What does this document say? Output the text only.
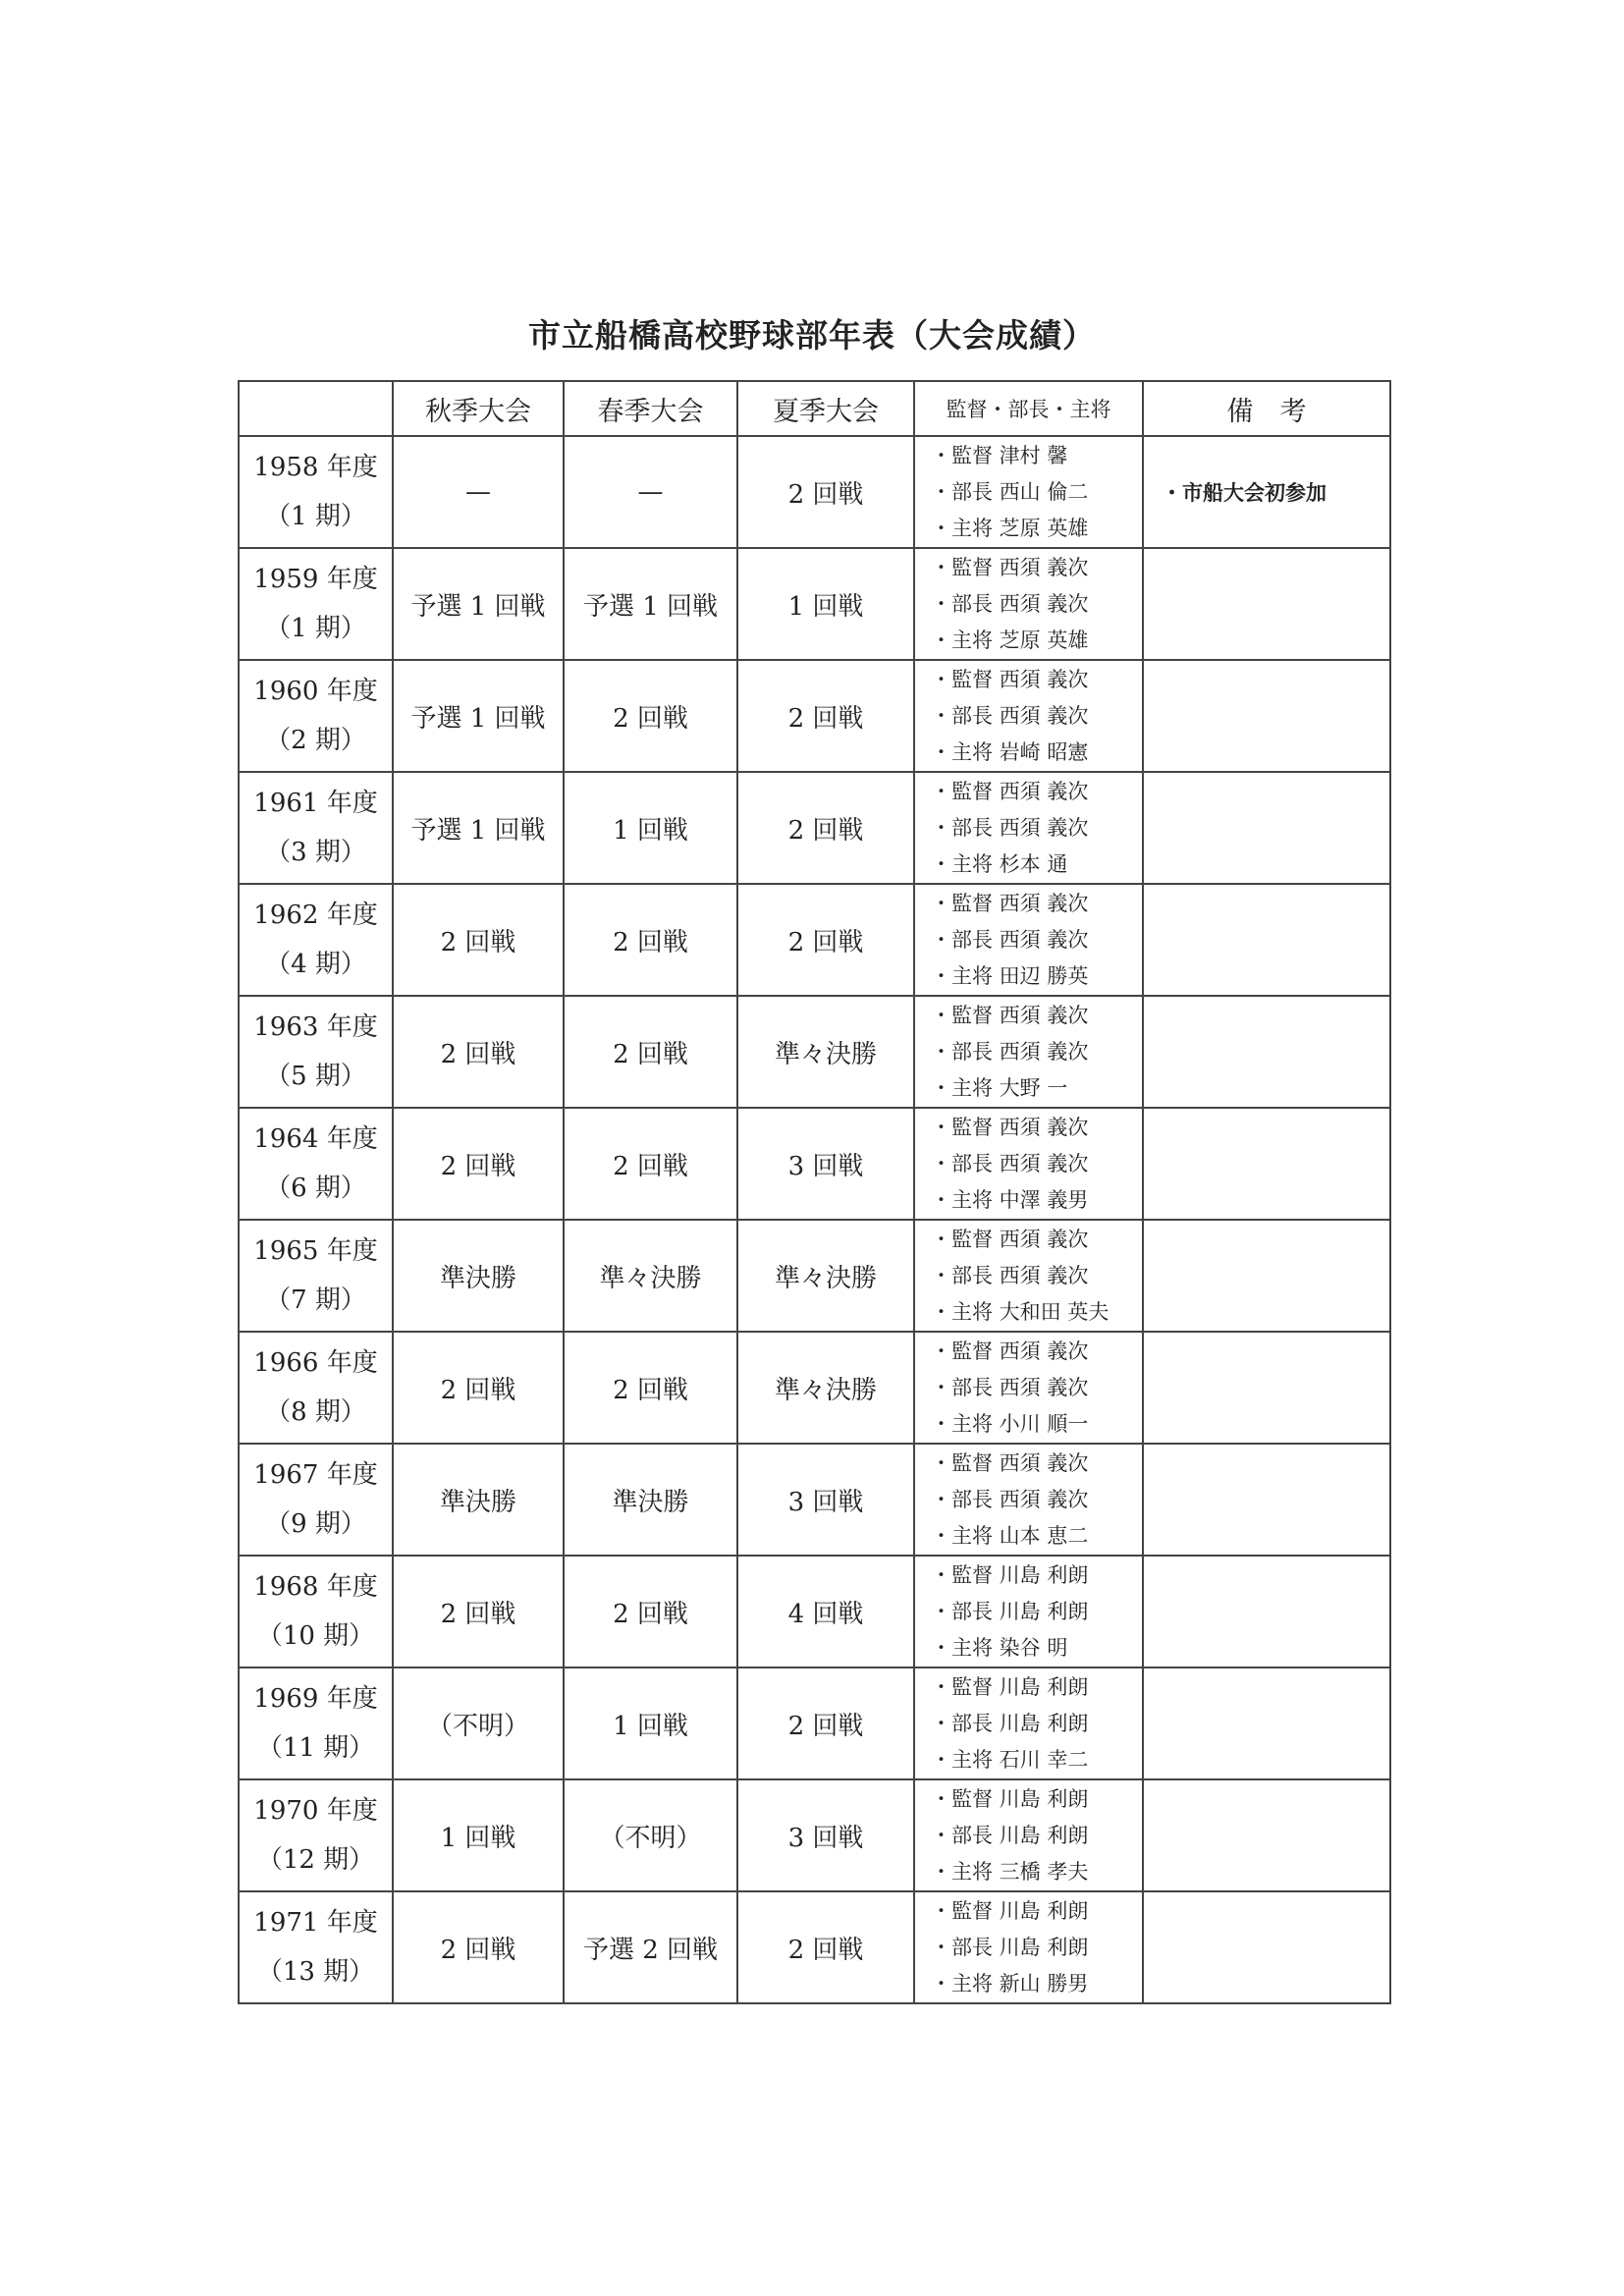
市立船橋高校野球部年表（大会成績）
	秋季大会	春季大会	夏季大会	監督・部長・主将	備　考
1958 年度
（1 期）	—	—	2 回戦	・監督 津村 馨
・部長 西山 倫二
・主将 芝原 英雄	・市船大会初参加
1959 年度
（1 期）	予選 1 回戦	予選 1 回戦	1 回戦	・監督 西須 義次
・部長 西須 義次
・主将 芝原 英雄	
1960 年度
（2 期）	予選 1 回戦	2 回戦	2 回戦	・監督 西須 義次
・部長 西須 義次
・主将 岩崎 昭憲	
1961 年度
（3 期）	予選 1 回戦	1 回戦	2 回戦	・監督 西須 義次
・部長 西須 義次
・主将 杉本 通	
1962 年度
（4 期）	2 回戦	2 回戦	2 回戦	・監督 西須 義次
・部長 西須 義次
・主将 田辺 勝英	
1963 年度
（5 期）	2 回戦	2 回戦	準々決勝	・監督 西須 義次
・部長 西須 義次
・主将 大野 一	
1964 年度
（6 期）	2 回戦	2 回戦	3 回戦	・監督 西須 義次
・部長 西須 義次
・主将 中澤 義男	
1965 年度
（7 期）	準決勝	準々決勝	準々決勝	・監督 西須 義次
・部長 西須 義次
・主将 大和田 英夫	
1966 年度
（8 期）	2 回戦	2 回戦	準々決勝	・監督 西須 義次
・部長 西須 義次
・主将 小川 順一	
1967 年度
（9 期）	準決勝	準決勝	3 回戦	・監督 西須 義次
・部長 西須 義次
・主将 山本 恵二	
1968 年度
（10 期）	2 回戦	2 回戦	4 回戦	・監督 川島 利朗
・部長 川島 利朗
・主将 染谷 明	
1969 年度
（11 期）	（不明）	1 回戦	2 回戦	・監督 川島 利朗
・部長 川島 利朗
・主将 石川 幸二	
1970 年度
（12 期）	1 回戦	（不明）	3 回戦	・監督 川島 利朗
・部長 川島 利朗
・主将 三橋 孝夫	
1971 年度
（13 期）	2 回戦	予選 2 回戦	2 回戦	・監督 川島 利朗
・部長 川島 利朗
・主将 新山 勝男	
